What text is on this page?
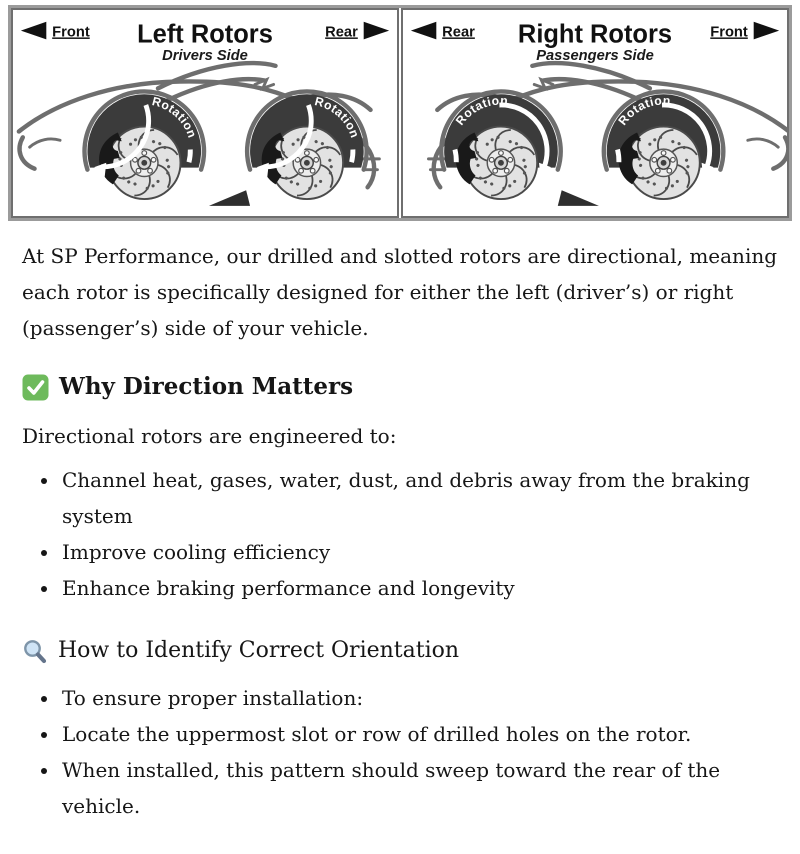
Front Left Rotors
Drivers Side
Rear	Rear Right Rotors
Passengers Side
Front

At SP Performance, our drilled and slotted rotors are directional, meaning each rotor is specifically designed for either the left (driver’s) or right (passenger’s) side of your vehicle.

Why Direction Matters

Directional rotors are engineered to:

• Channel heat, gases, water, dust, and debris away from the braking system
• Improve cooling efficiency
• Enhance braking performance and longevity
How to Identify Correct Orientation
• To ensure proper installation:
• Locate the uppermost slot or row of drilled holes on the rotor.
• When installed, this pattern should sweep toward the rear of the vehicle.
